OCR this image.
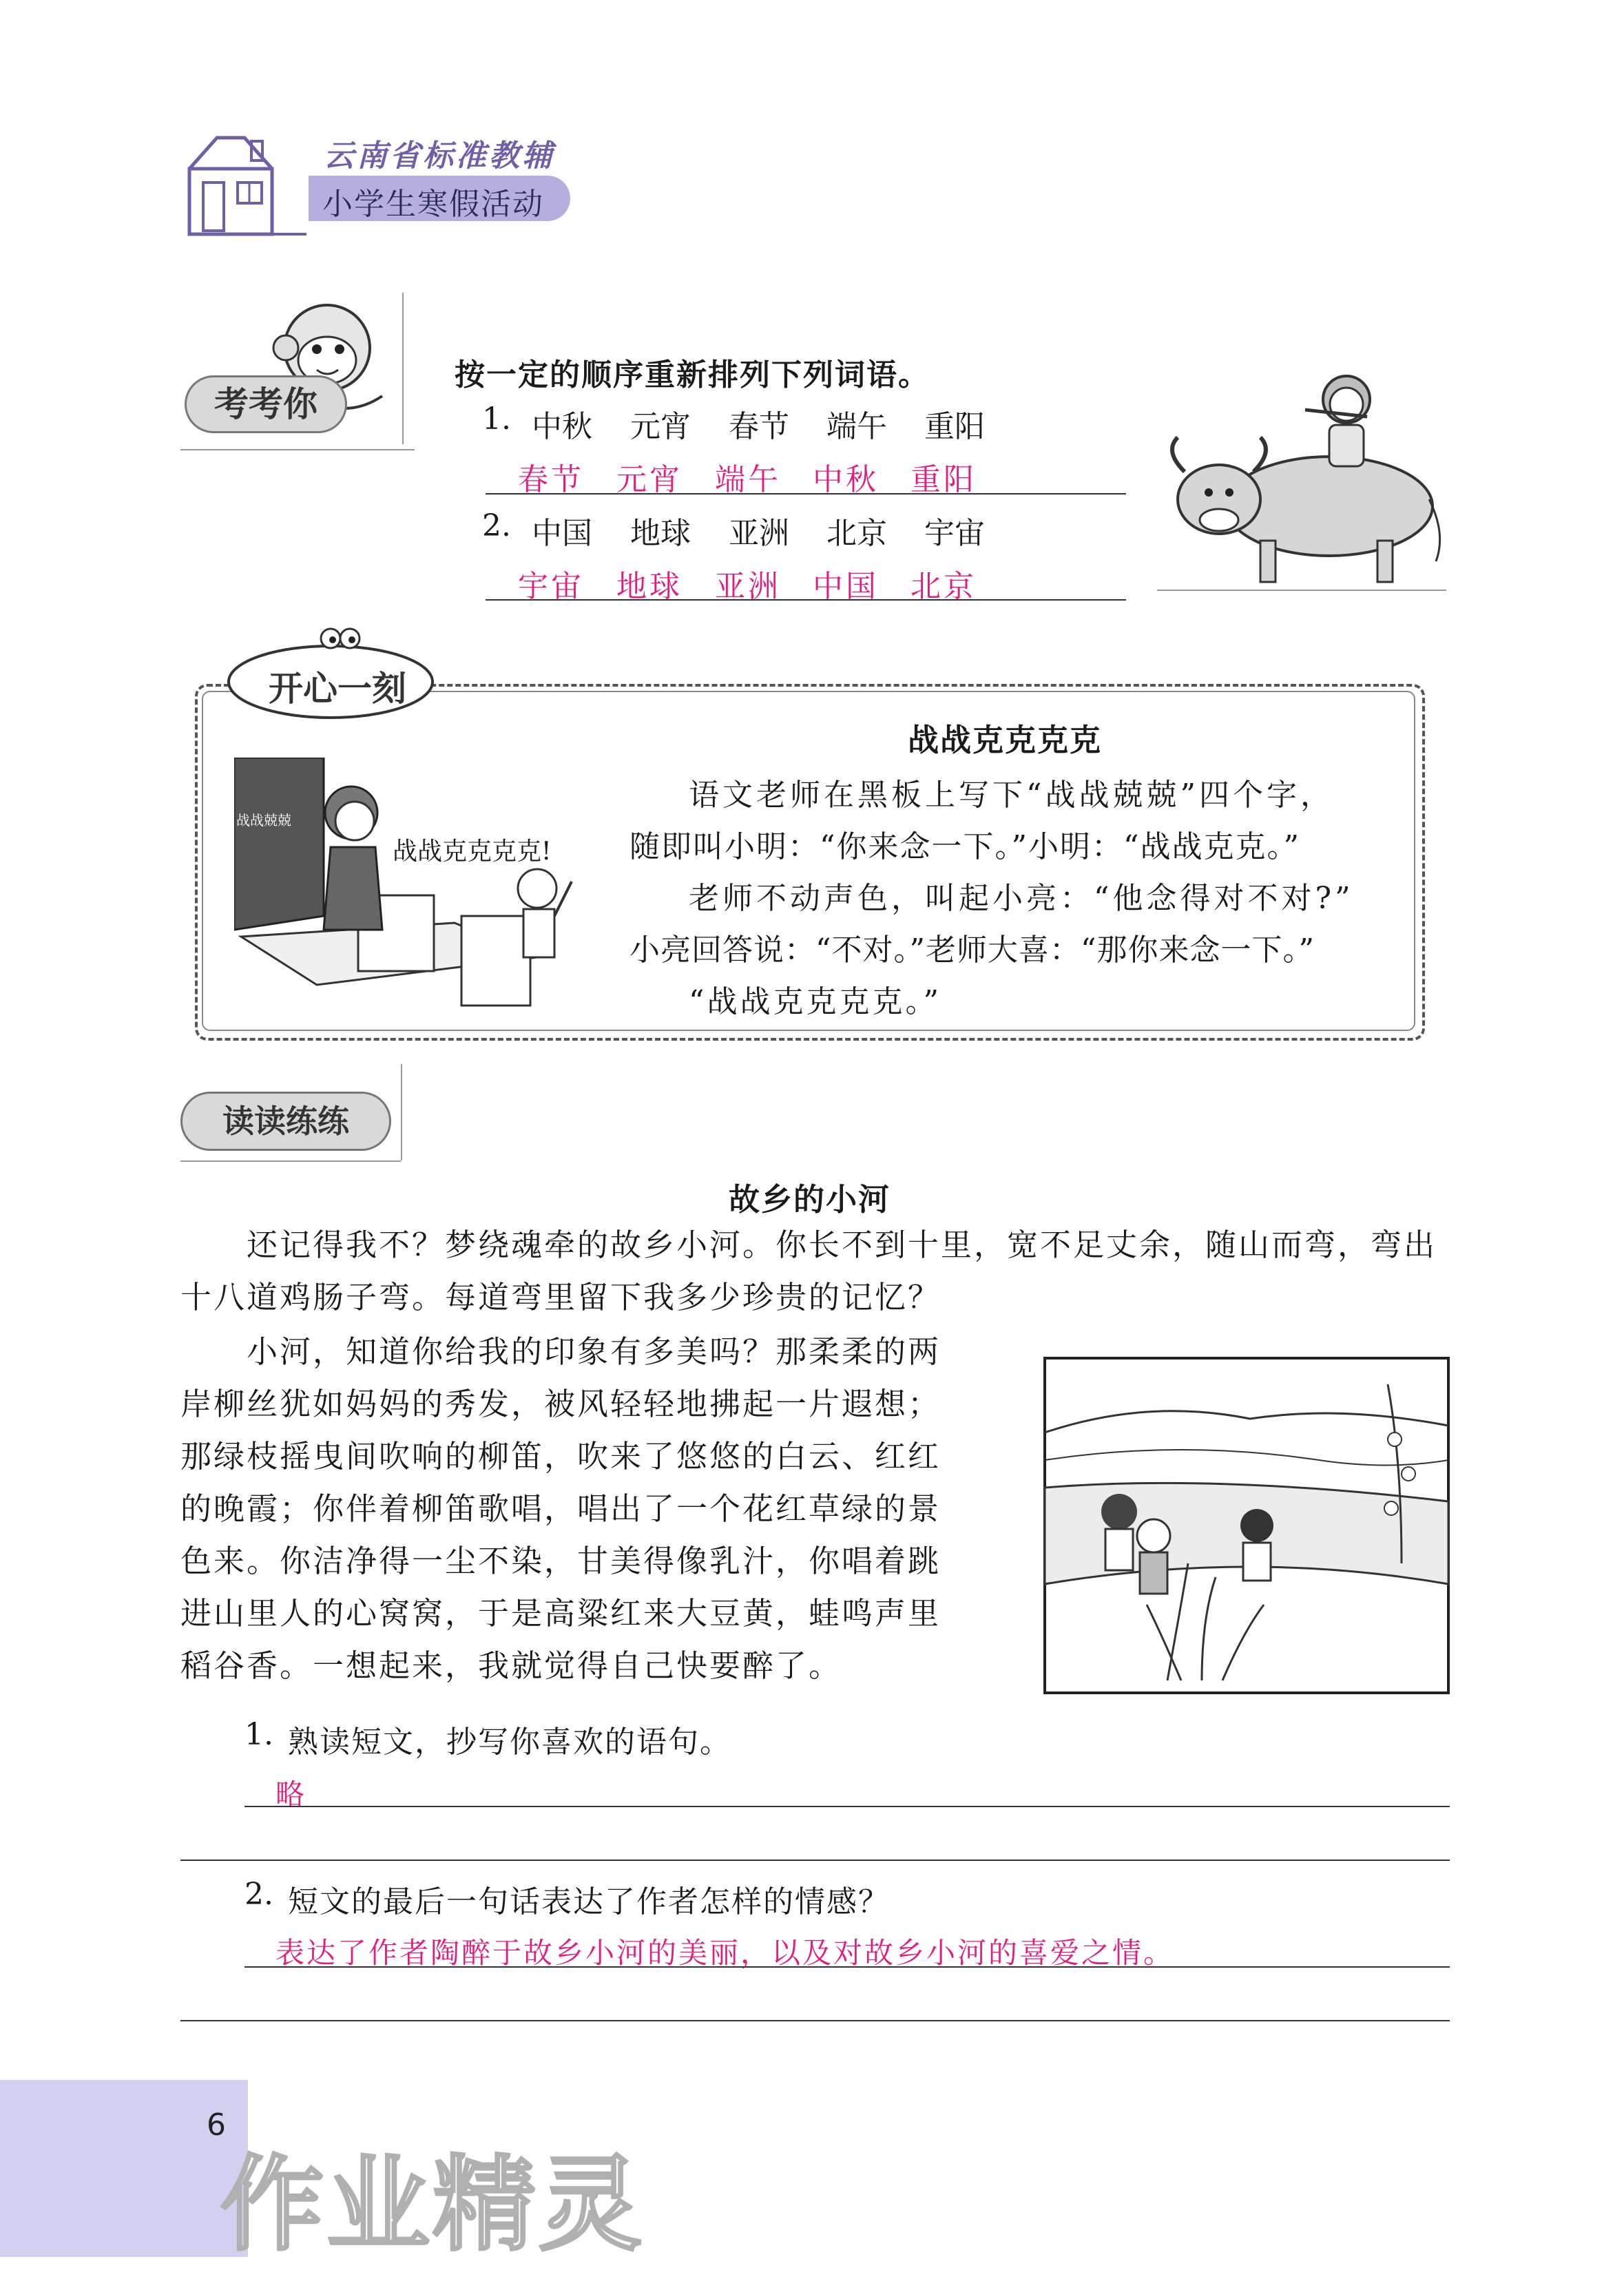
云南省标准教辅
小学生寒假活动
考考你
按一定的顺序重新排列下列词语。
1. 中秋 元宵 春节 端午 重阳
春节 元宵 端午 中秋 重阳
2. 中国 地球 亚洲 北京 宇宙
宇宙 地球 亚洲 中国 北京
开心一刻
战战兢兢
战战克克克克!
战战克克克克
语文老师在黑板上写下“战战兢兢”四个字，
随即叫小明：“你来念一下。”小明：“战战克克。”
老师不动声色，叫起小亮：“他念得对不对?”
小亮回答说：“不对。”老师大喜：“那你来念一下。”
“战战克克克克。”
读读练练
故乡的小河
还记得我不？梦绕魂牵的故乡小河。你长不到十里，宽不足丈余，随山而弯，弯出
十八道鸡肠子弯。每道弯里留下我多少珍贵的记忆？
小河，知道你给我的印象有多美吗？那柔柔的两
岸柳丝犹如妈妈的秀发，被风轻轻地拂起一片遐想；
那绿枝摇曳间吹响的柳笛，吹来了悠悠的白云、红红
的晚霞；你伴着柳笛歌唱，唱出了一个花红草绿的景
色来。你洁净得一尘不染，甘美得像乳汁，你唱着跳
进山里人的心窝窝，于是高粱红来大豆黄，蛙鸣声里
稻谷香。一想起来，我就觉得自己快要醉了。
1. 熟读短文，抄写你喜欢的语句。
略
2. 短文的最后一句话表达了作者怎样的情感？
表达了作者陶醉于故乡小河的美丽，以及对故乡小河的喜爱之情。
6
作业精灵
